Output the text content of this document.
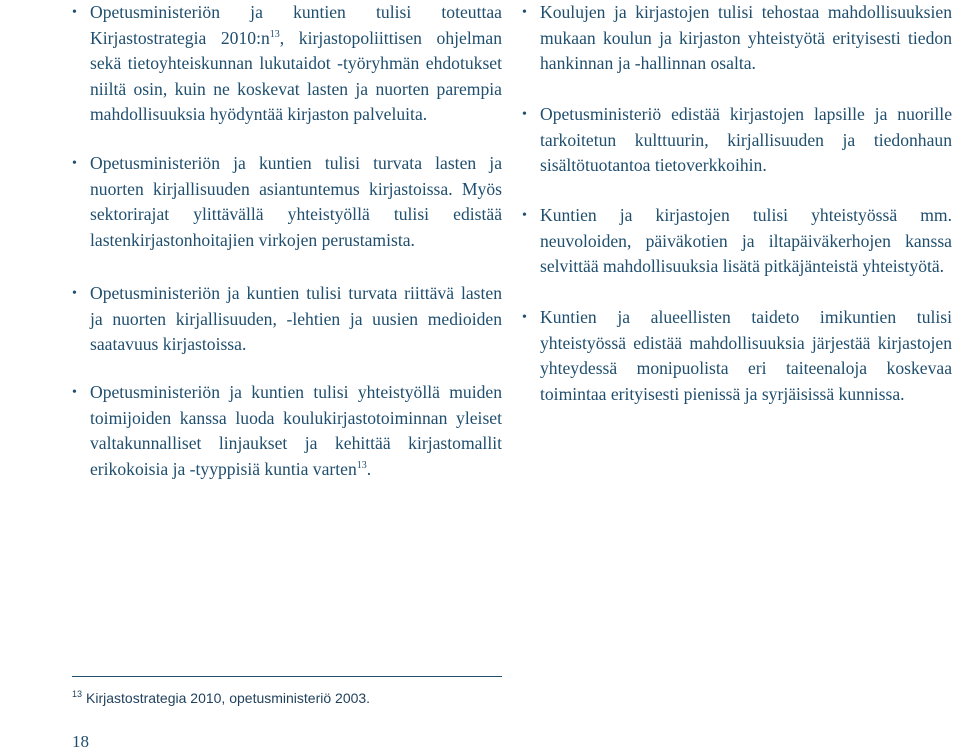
• Opetusministeriön ja kuntien tulisi toteuttaa Kirjastostrategia $2010:n^{13}$, kirjastopoliittisen ohjelman sekä tietoyhteiskunnan lukutaidot -työryhmän ehdotukset niiltä osin, kuin ne koskevat lasten ja nuorten parempia mahdollisuuksia hyödyntää kirjaston palveluita.

• Opetusministeriön ja kuntien tulisi turvata lasten ja nuorten kirjallisuuden asiantuntemus kirjastoissa. Myös sektorirajat ylittävällä yhteistyöllä tulisi edistää lastenkirjastonhoitajien virkojen perustamista.

• Opetusministeriön ja kuntien tulisi turvata riittävä lasten ja nuorten kirjallisuuden, -lehtien ja uusien medioiden saatavuus kirjastoissa.

• Opetusministeriön ja kuntien tulisi yhteistyöllä muiden toimijoiden kanssa luoda koulukirjastotoiminnan yleiset valtakunnalliset linjaukset ja kehittää kirjastomallit erikokoisia ja -tyyppisiä kuntia varten$^{13}$.

• Koulujen ja kirjastojen tulisi tehostaa mahdollisuuksien mukaan koulun ja kirjaston yhteistyötä erityisesti tiedon hankinnan ja -hallinnan osalta.

• Opetusministeriö edistää kirjastojen lapsille ja nuorille tarkoitetun kulttuurin, kirjallisuuden ja tiedonhaun sisältötuotantoa tietoverkkoihin.

• Kuntien ja kirjastojen tulisi yhteistyössä mm. neuvoloiden, päiväkotien ja iltapäiväkerhojen kanssa selvittää mahdollisuuksia lisätä pitkäjänteistä yhteistyötä.

• Kuntien ja alueellisten taideto imikuntien tulisi yhteistyössä edistää mahdollisuuksia järjestää kirjastojen yhteydessä monipuolista eri taiteenaloja koskevaa toimintaa erityisesti pienissä ja syrjäisissä kunnissa.

$^{13}$ Kirjastostrategia 2010, opetusministeriö 2003.
18
